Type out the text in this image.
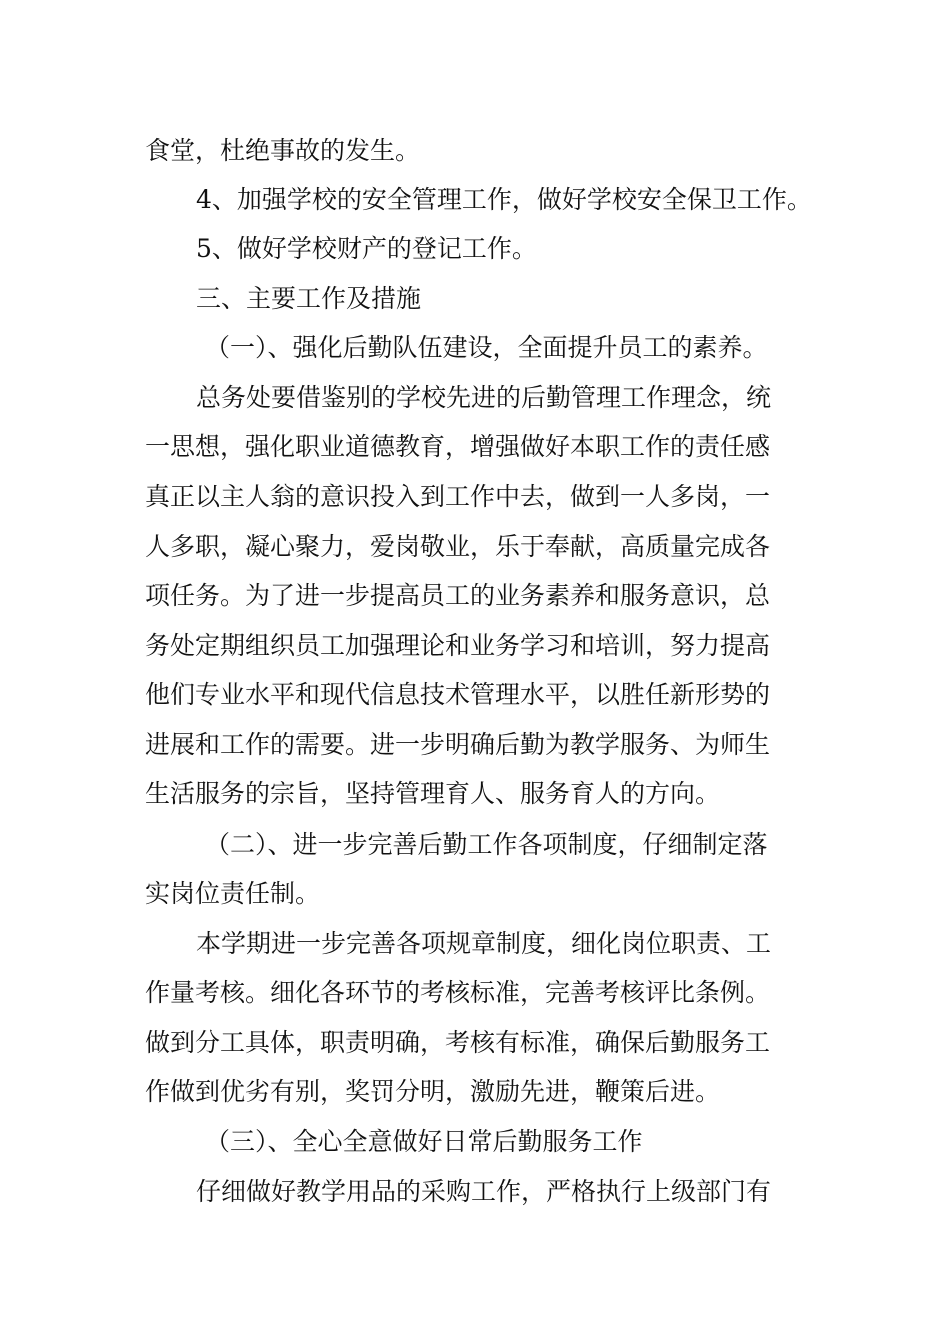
食堂，杜绝事故的发生。
4、加强学校的安全管理工作，做好学校安全保卫工作。
5、做好学校财产的登记工作。
三、主要工作及措施
（一）、强化后勤队伍建设，全面提升员工的素养。
总务处要借鉴别的学校先进的后勤管理工作理念，统
一思想，强化职业道德教育，增强做好本职工作的责任感
真正以主人翁的意识投入到工作中去，做到一人多岗，一
人多职，凝心聚力，爱岗敬业，乐于奉献，高质量完成各
项任务。为了进一步提高员工的业务素养和服务意识，总
务处定期组织员工加强理论和业务学习和培训，努力提高
他们专业水平和现代信息技术管理水平，以胜任新形势的
进展和工作的需要。进一步明确后勤为教学服务、为师生
生活服务的宗旨，坚持管理育人、服务育人的方向。
（二）、进一步完善后勤工作各项制度，仔细制定落
实岗位责任制。
本学期进一步完善各项规章制度，细化岗位职责、工
作量考核。细化各环节的考核标准，完善考核评比条例。
做到分工具体，职责明确，考核有标准，确保后勤服务工
作做到优劣有别，奖罚分明，激励先进，鞭策后进。
（三）、全心全意做好日常后勤服务工作
仔细做好教学用品的采购工作，严格执行上级部门有
